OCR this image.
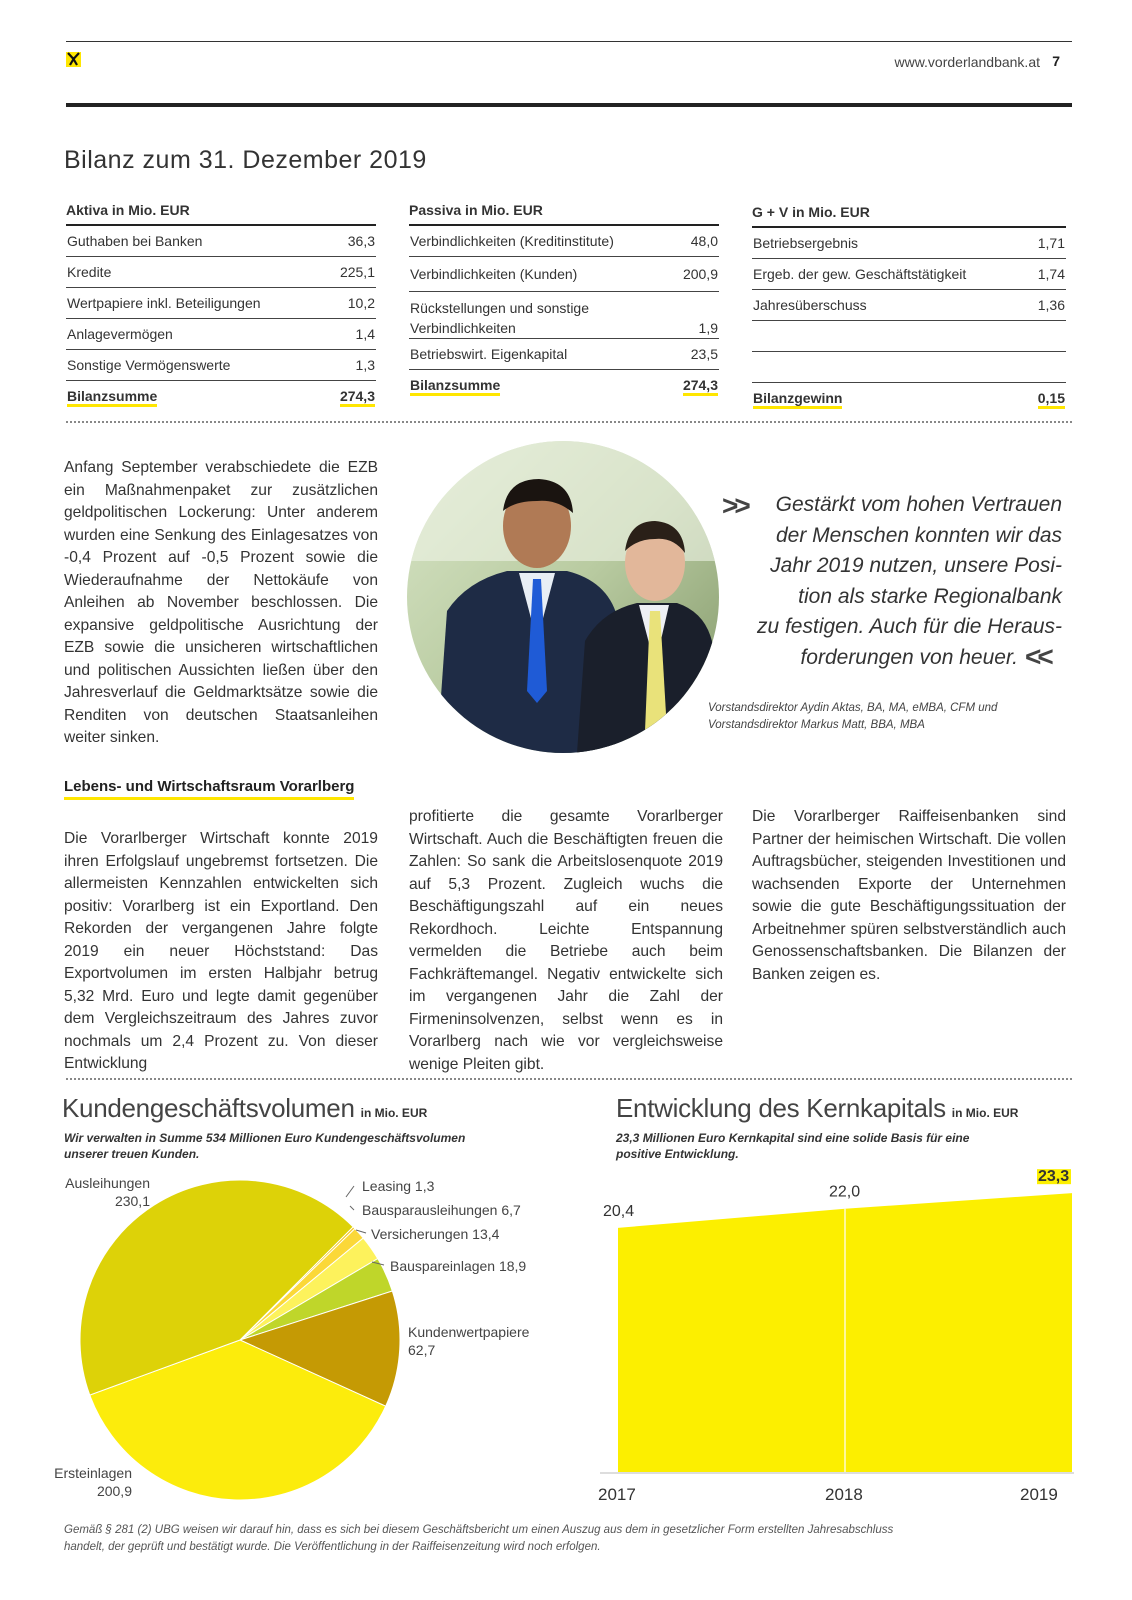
www.vorderlandbank.at 7
Bilanz zum 31. Dezember 2019
Aktiva in Mio. EUR	
Guthaben bei Banken	36,3
Kredite	225,1
Wertpapiere inkl. Beteiligungen	10,2
Anlagevermögen	1,4
Sonstige Vermögenswerte	1,3
Bilanzsumme	274,3
Passiva in Mio. EUR	
Verbindlichkeiten (Kreditinstitute)	48,0
Verbindlichkeiten (Kunden)	200,9

Rückstellungen und sonstige
Verbindlichkeiten	1,9
Betriebswirt. Eigenkapital	23,5
Bilanzsumme	274,3
G + V in Mio. EUR	
Betriebsergebnis	1,71
Ergeb. der gew. Geschäftstätigkeit	1,74
Jahresüberschuss	1,36

Bilanzgewinn	0,15
Anfang September verabschiedete die EZB ein Maßnahmenpaket zur zusätzlichen geldpolitischen Lockerung: Unter anderem wurden eine Senkung des Einlagesatzes von -0,4 Prozent auf -0,5 Prozent sowie die Wiederaufnahme der Nettokäufe von Anleihen ab November beschlossen. Die expansive geldpolitische Ausrichtung der EZB sowie die unsicheren wirtschaftlichen und politischen Aussichten ließen über den Jahresverlauf die Geldmarktsätze sowie die Renditen von deutschen Staatsanleihen weiter sinken.
>>	Gestärkt vom hohen Vertrauen
der Menschen konnten wir das
Jahr 2019 nutzen, unsere Posi-
tion als starke Regionalbank
zu festigen. Auch für die Heraus-
forderungen von heuer. <<
Vorstandsdirektor Aydin Aktas, BA, MA, eMBA, CFM und
Vorstandsdirektor Markus Matt, BBA, MBA
Lebens- und Wirtschaftsraum Vorarlberg
Die Vorarlberger Wirtschaft konnte 2019 ihren Erfolgslauf ungebremst fortsetzen. Die allermeisten Kennzahlen entwickelten sich positiv: Vorarlberg ist ein Exportland. Den Rekorden der vergangenen Jahre folgte 2019 ein neuer Höchststand: Das Exportvolumen im ersten Halbjahr betrug 5,32 Mrd. Euro und legte damit gegenüber dem Vergleichszeitraum des Jahres zuvor nochmals um 2,4 Prozent zu. Von dieser Entwicklung
profitierte die gesamte Vorarlberger Wirtschaft. Auch die Beschäftigten freuen die Zahlen: So sank die Arbeitslosenquote 2019 auf 5,3 Prozent. Zugleich wuchs die Beschäftigungszahl auf ein neues Rekordhoch. Leichte Entspannung vermelden die Betriebe auch beim Fachkräftemangel. Negativ entwickelte sich im vergangenen Jahr die Zahl der Firmeninsolvenzen, selbst wenn es in Vorarlberg nach wie vor vergleichsweise wenige Pleiten gibt.
Die Vorarlberger Raiffeisenbanken sind Partner der heimischen Wirtschaft. Die vollen Auftragsbücher, steigenden Investitionen und wachsenden Exporte der Unternehmen sowie die gute Beschäftigungssituation der Arbeitnehmer spüren selbstverständlich auch Genossenschaftsbanken. Die Bilanzen der Banken zeigen es.
Kundengeschäftsvolumen in Mio. EUR
Wir verwalten in Summe 534 Millionen Euro Kundengeschäftsvolumen
unserer treuen Kunden.
Ausleihungen
230,1
Leasing 1,3
Bausparausleihungen 6,7
Versicherungen 13,4
Bauspareinlagen 18,9
Kundenwertpapiere
62,7
Ersteinlagen
200,9
Entwicklung des Kernkapitals in Mio. EUR
23,3 Millionen Euro Kernkapital sind eine solide Basis für eine
positive Entwicklung.
2017	2018	2019
20,4
22,0
23,3
Gemäß § 281 (2) UBG weisen wir darauf hin, dass es sich bei diesem Geschäftsbericht um einen Auszug aus dem in gesetzlicher Form erstellten Jahresabschluss
handelt, der geprüft und bestätigt wurde. Die Veröffentlichung in der Raiffeisenzeitung wird noch erfolgen.
